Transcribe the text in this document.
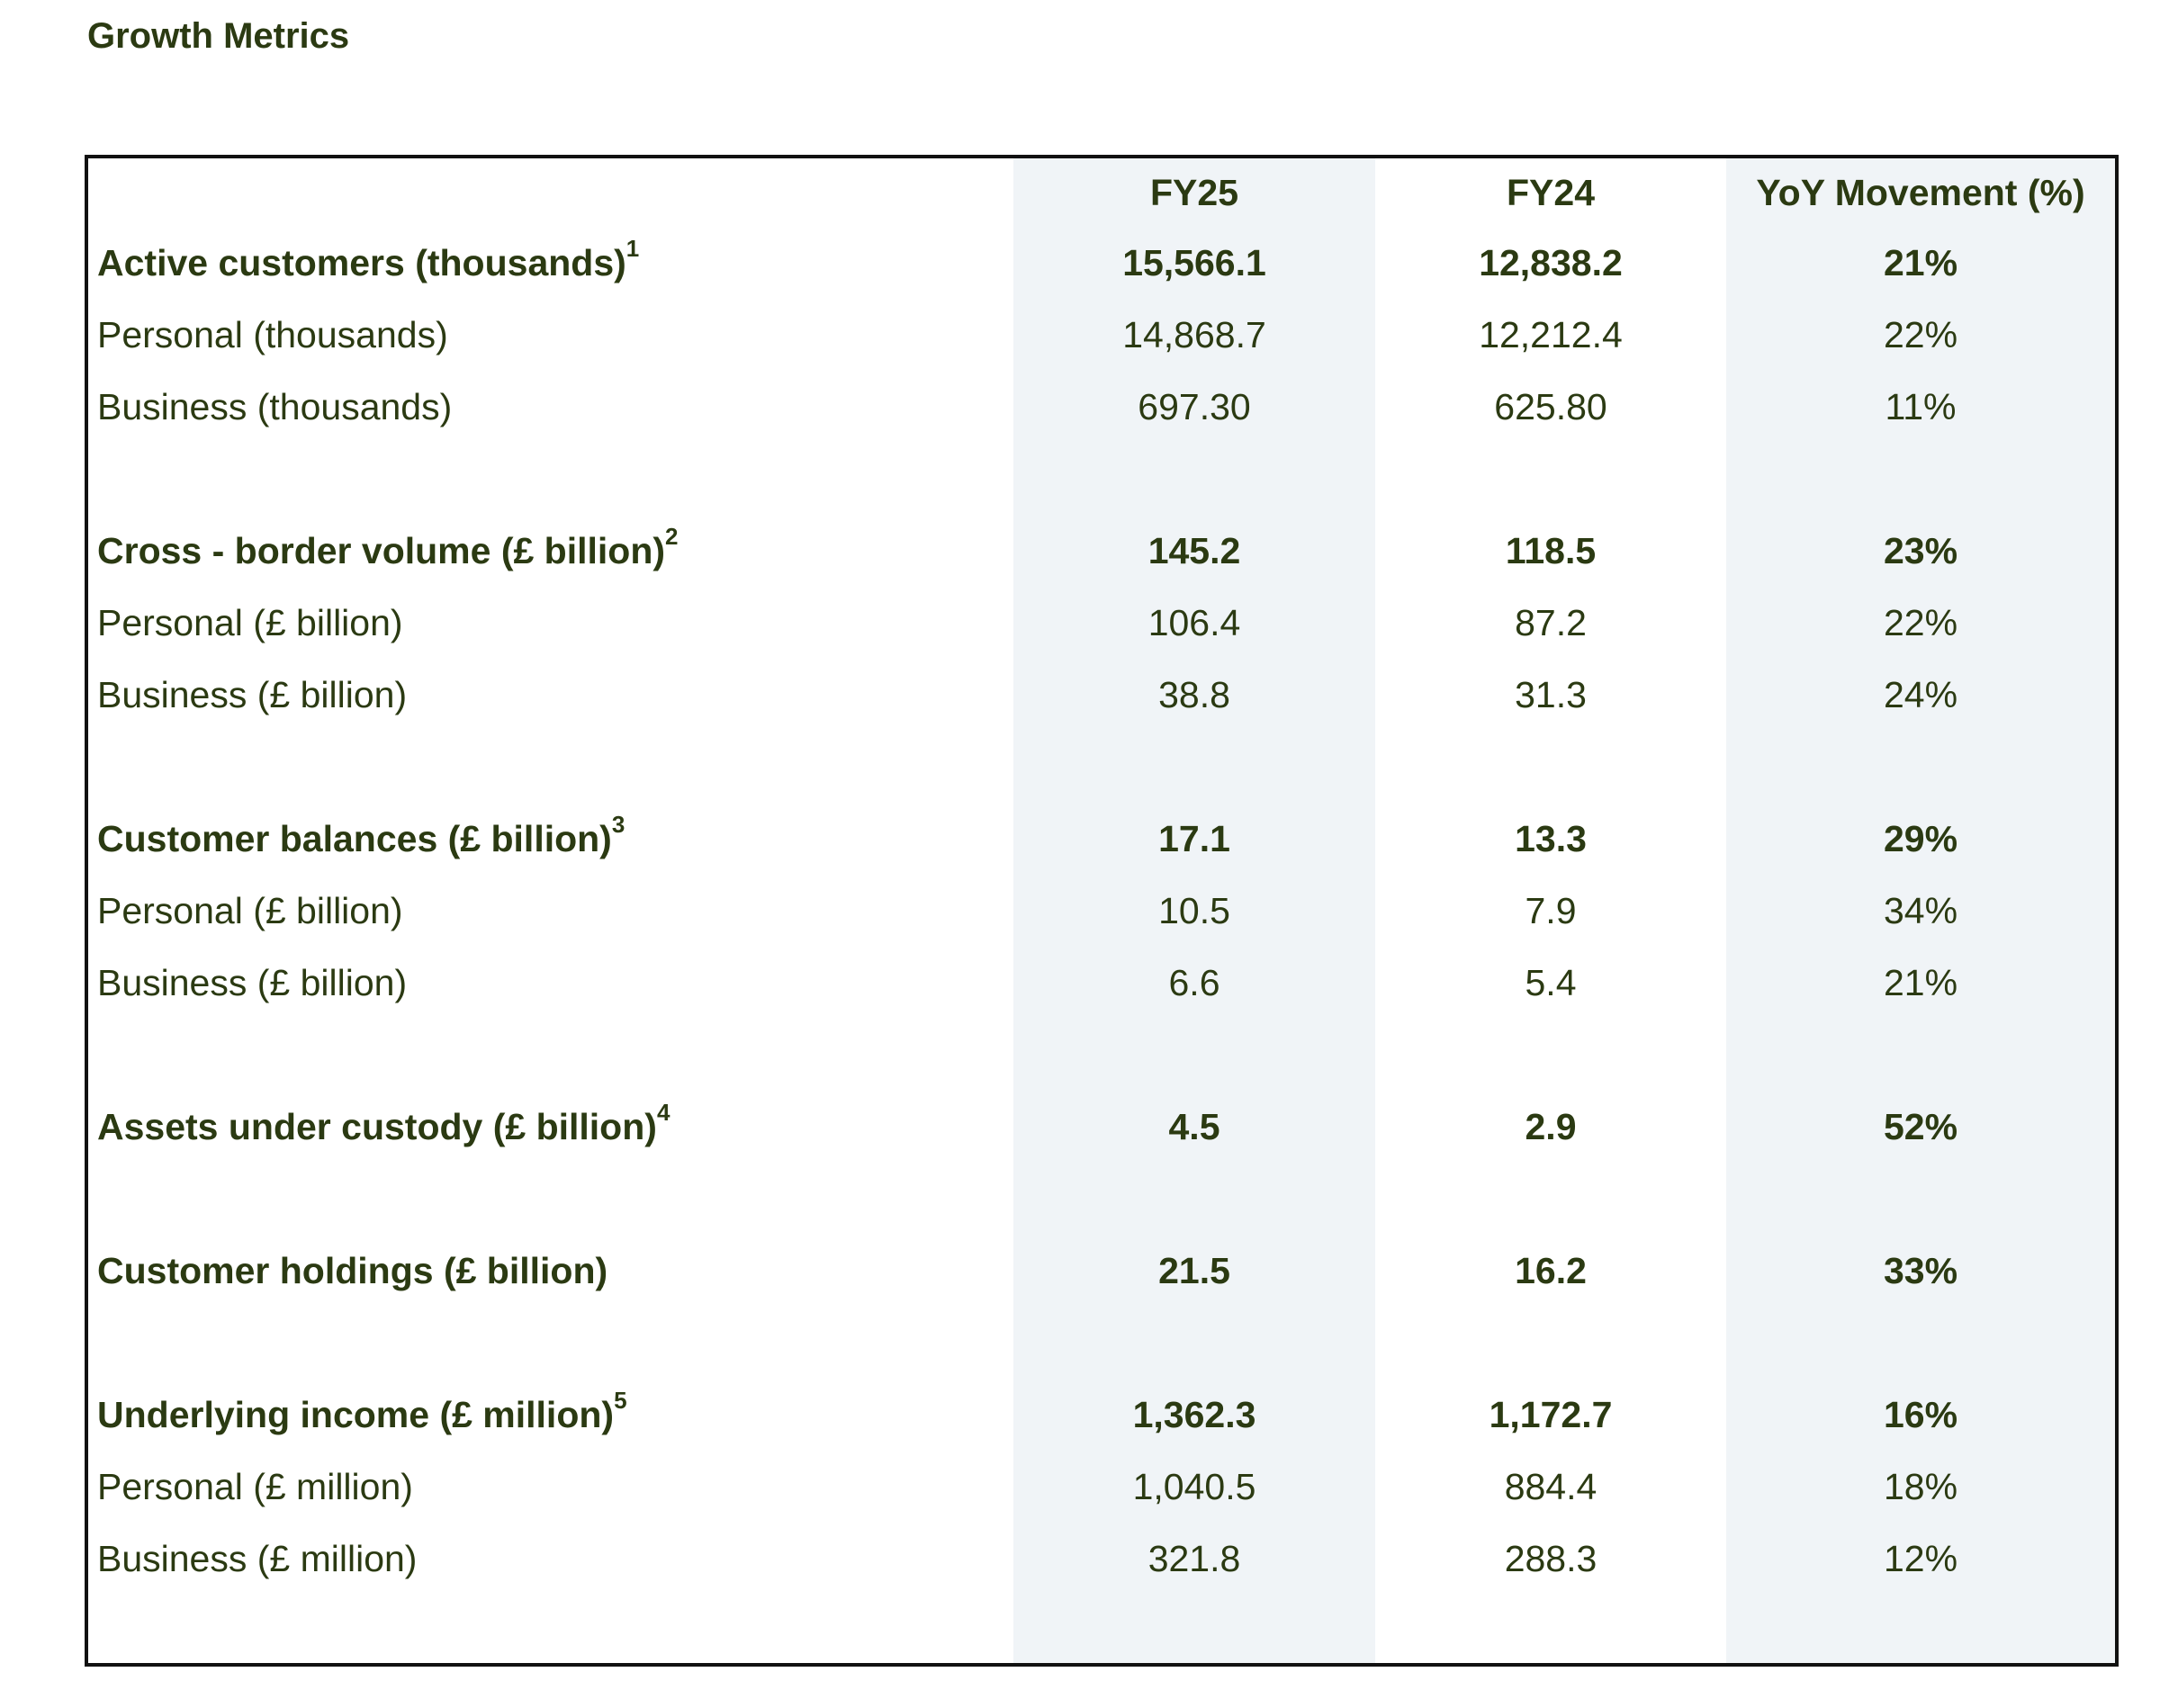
Growth Metrics
	FY25	FY24	YoY Movement (%)
Active customers (thousands)$^1$	15,566.1	12,838.2	21%
Personal (thousands)	14,868.7	12,212.4	22%
Business (thousands)	697.30	625.80	11%

Cross - border volume (£ billion)$^2$	145.2	118.5	23%
Personal (£ billion)	106.4	87.2	22%
Business (£ billion)	38.8	31.3	24%

Customer balances (£ billion)$^3$	17.1	13.3	29%
Personal (£ billion)	10.5	7.9	34%
Business (£ billion)	6.6	5.4	21%

Assets under custody (£ billion)$^4$	4.5	2.9	52%

Customer holdings (£ billion)	21.5	16.2	33%

Underlying income (£ million)$^5$	1,362.3	1,172.7	16%
Personal (£ million)	1,040.5	884.4	18%
Business (£ million)	321.8	288.3	12%
